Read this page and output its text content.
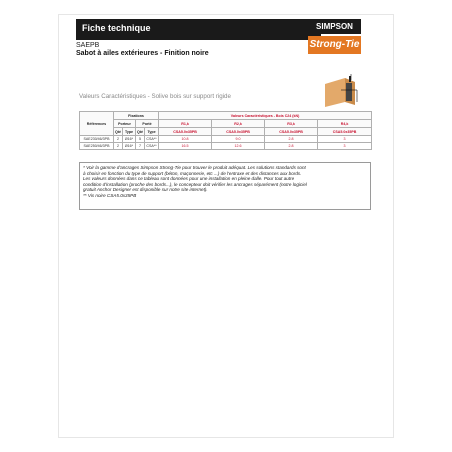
Fiche technique	SIMPSON
Strong-Tie
SAEPB
Sabot à ailes extérieures - Finition noire
Valeurs Caractéristiques - Solive bois sur support rigide
Références	Fixations				Valeurs Caractéristiques - Bois C24 (kN)			
	Porteur		Porté		R1,k	R2,k	R3,k	R4,k
	Qté	Type	Qté	Type	CSA5.0x35PB	CSA5.0x35PB	CSA5.0x35PB	CSA5.0x35PB
SAE230/46/3PB	2	Ø16*	5	CSA**	10.8	9.0	2.8	3
SAE250/46/3PB	2	Ø16*	7	CSA**	16.5	12.6	2.8	3
* Voir la gamme d'ancrages Simpson Strong-Tie pour trouver le produit adéquat. Les solutions standards sont
à choisir en fonction du type de support (béton, maçonnerie, etc ...) de l'entraxe et des distances aux bords.
Les valeurs données dans ce tableau sont données pour une installation en pleine dalle. Pour tout autre
condition d'installation (proche des bords...), le concepteur doit vérifier les ancrages séparément (notre logiciel
gratuit Anchor Designer est disponible sur notre site internet).
** Vis noire CSA5.0x35PB
